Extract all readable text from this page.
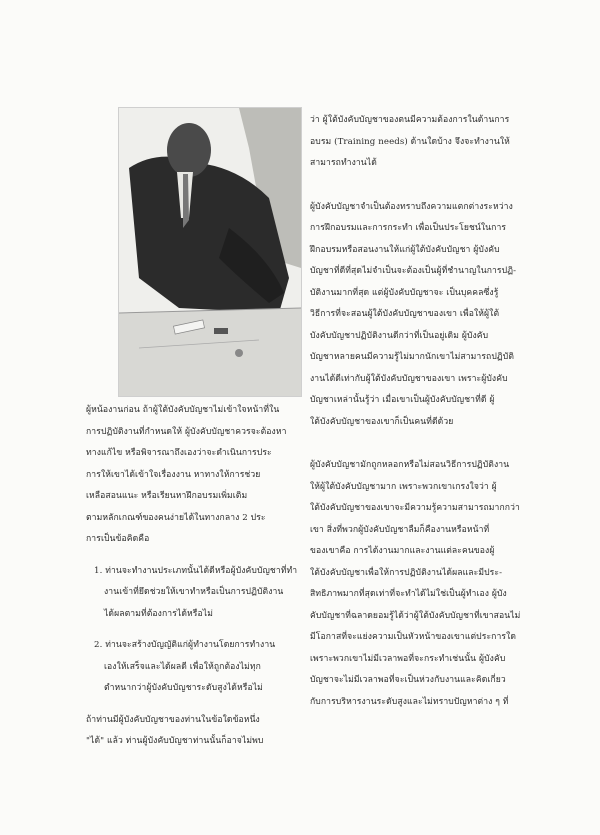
ว่า ผู้ใต้บังคับบัญชาของตนมีความต้องการในด้านการ

อบรม (Training needs) ด้านใดบ้าง จึงจะทำงานให้

สามารถทำงานได้

ผู้บังคับบัญชาจำเป็นต้องทราบถึงความแตกต่างระหว่าง

การฝึกอบรมและการกระทำ เพื่อเป็นประโยชน์ในการ

ฝึกอบรมหรือสอนงานให้แก่ผู้ใต้บังคับบัญชา ผู้บังคับ

บัญชาที่ดีที่สุดไม่จำเป็นจะต้องเป็นผู้ที่ชำนาญในการปฏิ-

บัติงานมากที่สุด แต่ผู้บังคับบัญชาจะ เป็นบุคคลซึ่งรู้

วิธีการที่จะสอนผู้ใต้บังคับบัญชาของเขา เพื่อให้ผู้ใต้

บังคับบัญชาปฏิบัติงานดีกว่าที่เป็นอยู่เดิม ผู้บังคับ

บัญชาหลายคนมีความรู้ไม่มากนักเขาไม่สามารถปฏิบัติ

งานได้ดีเท่ากับผู้ใต้บังคับบัญชาของเขา เพราะผู้บังคับ

บัญชาเหล่านั้นรู้ว่า เมื่อเขาเป็นผู้บังคับบัญชาที่ดี ผู้

ใต้บังคับบัญชาของเขาก็เป็นคนที่ดีด้วย

ผู้บังคับบัญชามักถูกหลอกหรือไม่สอนวิธีการปฏิบัติงาน

ให้ผู้ใต้บังคับบัญชามาก เพราะพวกเขาเกรงใจว่า ผู้

ใต้บังคับบัญชาของเขาจะมีความรู้ความสามารถมากกว่า

เขา สิ่งที่พวกผู้บังคับบัญชาลืมก็คืองานหรือหน้าที่

ของเขาคือ การได้งานมากและงานแต่ละคนของผู้

ใต้บังคับบัญชาเพื่อให้การปฏิบัติงานได้ผลและมีประ-

สิทธิภาพมากที่สุดเท่าที่จะทำได้ไม่ใช่เป็นผู้ทำเอง ผู้บัง

คับบัญชาที่ฉลาดยอมรู้ได้ว่าผู้ใต้บังคับบัญชาที่เขาสอนไม่

มีโอกาสที่จะแย่งความเป็นหัวหน้าของเขาแต่ประการใด

เพราะพวกเขาไม่มีเวลาพอที่จะกระทำเช่นนั้น ผู้บังคับ

บัญชาจะไม่มีเวลาพอที่จะเป็นห่วงกับงานและคิดเกี่ยว

กับการบริหารงานระดับสูงและไม่ทราบปัญหาต่าง ๆ ที่

ผู้หน้องานก่อน ถ้าผู้ใต้บังคับบัญชาไม่เข้าใจหน้าที่ใน

การปฏิบัติงานที่กำหนดให้ ผู้บังคับบัญชาควรจะต้องหา

ทางแก้ไข หรือพิจารณาถึงเองว่าจะดำเนินการประ

การให้เขาได้เข้าใจเรื่องงาน หาทางให้การช่วย

เหลือสอนแนะ หรือเรียนหาฝึกอบรมเพิ่มเติม

ตามหลักเกณฑ์ของคนง่ายได้ในทางกลาง 2 ประ

การเป็นข้อคิดคือ

1. ท่านจะทำงานประเภทนั้นได้ดีหรือผู้บังคับบัญชาที่ทำ

งานเข้าที่ยึดช่วยให้เขาทำหรือเป็นการปฏิบัติงาน

ได้ผลตามที่ต้องการได้หรือไม่

2. ท่านจะสร้างบัญญัติแก่ผู้ทำงานโดยการทำงาน

เองให้เสร็จและได้ผลดี เพื่อให้ถูกต้องไม่ทุก

ตำหนากว่าผู้บังคับบัญชาระดับสูงได้หรือไม่

ถ้าท่านมีผู้บังคับบัญชาของท่านในข้อใดข้อหนึ่ง

"ได้" แล้ว ท่านผู้บังคับบัญชาท่านนั้นก็อาจไม่พบ
